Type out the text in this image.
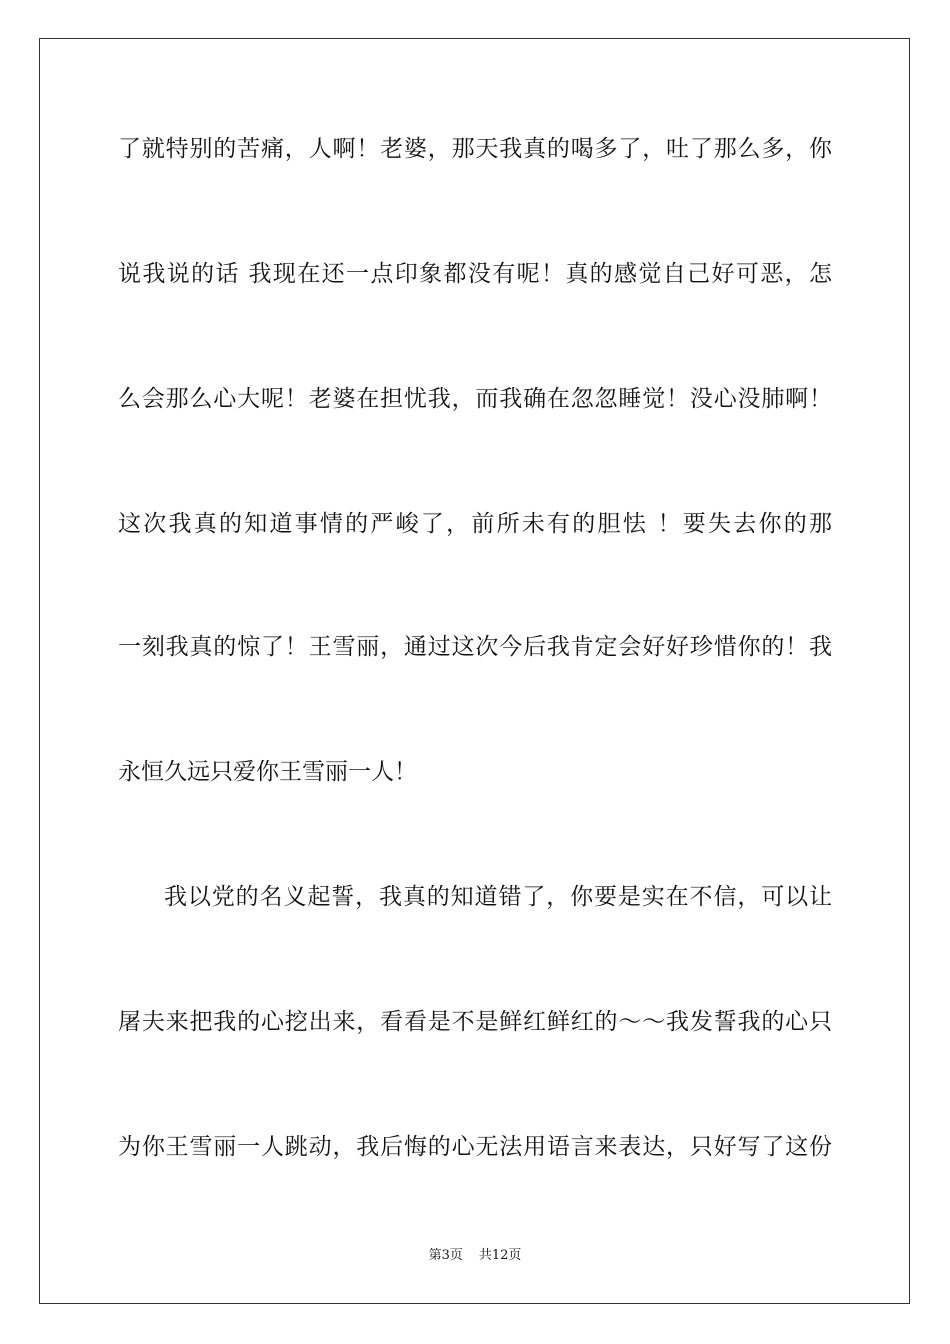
了就特别的苦痛，人啊！老婆，那天我真的喝多了，吐了那么多，你
说我说的话 我现在还一点印象都没有呢！真的感觉自己好可恶，怎
么会那么心大呢！老婆在担忧我，而我确在忽忽睡觉！没心没肺啊！
这次我真的知道事情的严峻了，前所未有的胆怯 ！要失去你的那
一刻我真的惊了！王雪丽，通过这次今后我肯定会好好珍惜你的！我
永恒久远只爱你王雪丽一人！
我以党的名义起誓，我真的知道错了，你要是实在不信，可以让
屠夫来把我的心挖出来，看看是不是鲜红鲜红的～～我发誓我的心只
为你王雪丽一人跳动，我后悔的心无法用语言来表达，只好写了这份
第3页 共12页
